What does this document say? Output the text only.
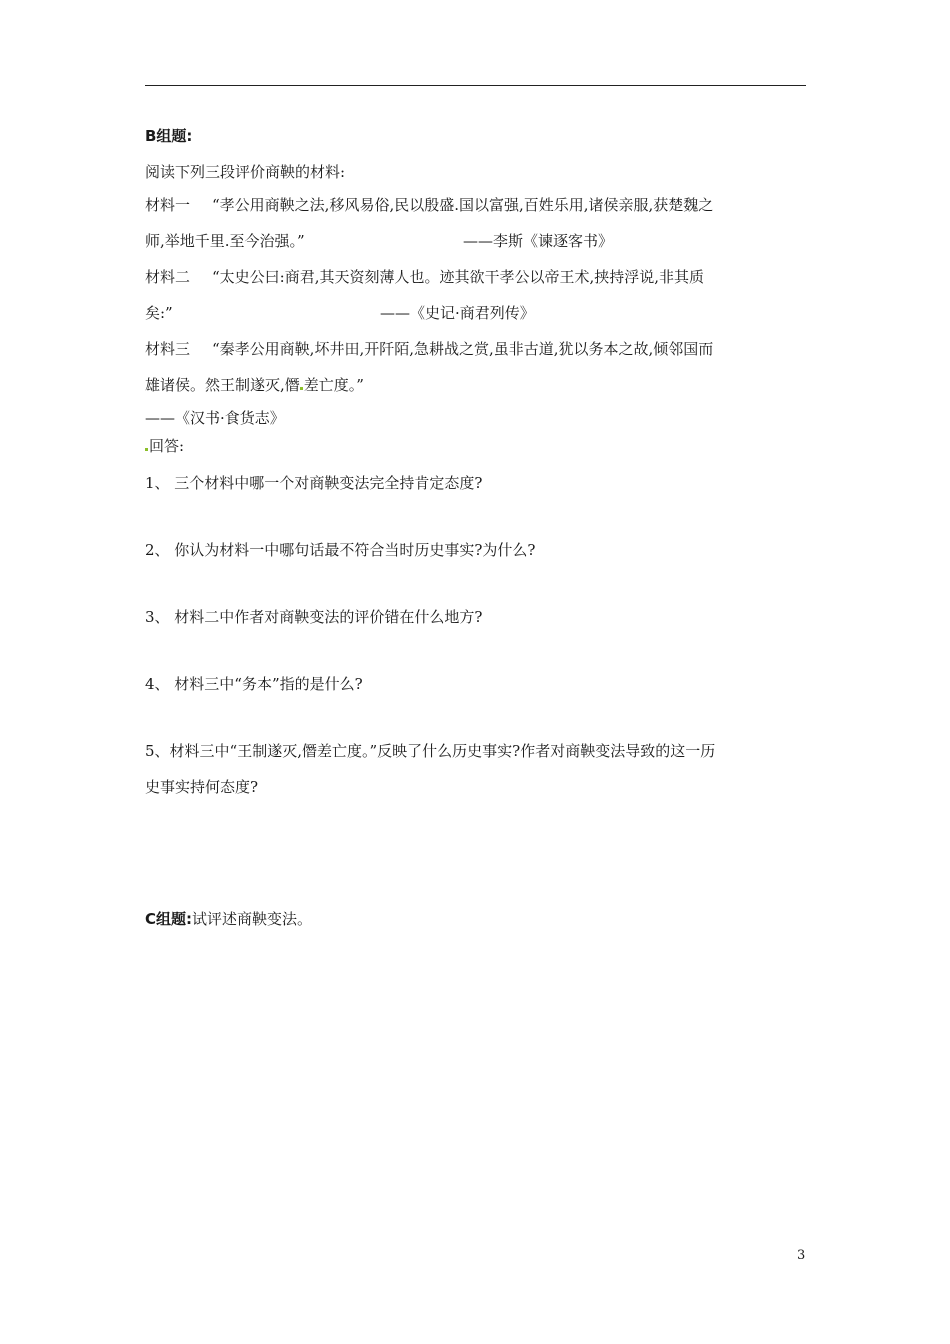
B组题:
阅读下列三段评价商鞅的材料:
材料一 “孝公用商鞅之法,移风易俗,民以殷盛.国以富强,百姓乐用,诸侯亲服,获楚魏之
师,举地千里.至今治强。”	——李斯《谏逐客书》
材料二 “太史公曰:商君,其天资刻薄人也。迹其欲干孝公以帝王术,挟持浮说,非其质
矣:”	——《史记·商君列传》
材料三 “秦孝公用商鞅,坏井田,开阡陌,急耕战之赏,虽非古道,犹以务本之故,倾邻国而
雄诸侯。然王制遂灭,僭 差亡度。”
——《汉书·食货志》
回答:
1、 三个材料中哪一个对商鞅变法完全持肯定态度?
2、 你认为材料一中哪句话最不符合当时历史事实?为什么?
3、 材料二中作者对商鞅变法的评价错在什么地方?
4、 材料三中“务本”指的是什么?
5、材料三中“王制遂灭,僭差亡度。”反映了什么历史事实?作者对商鞅变法导致的这一历
史事实持何态度?
C组题:试评述商鞅变法。
3
